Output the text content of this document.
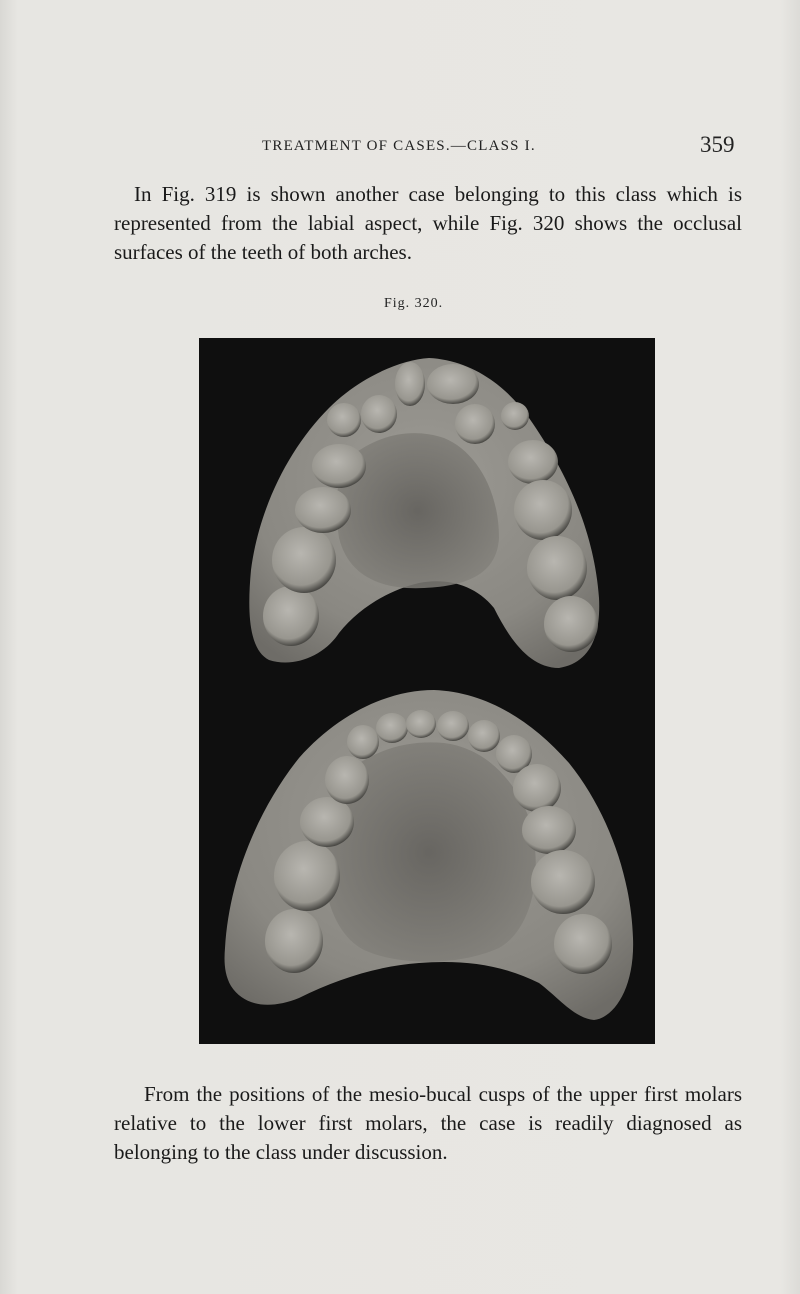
TREATMENT OF CASES.—CLASS I.	359

In Fig. 319 is shown another case belonging to this class which is represented from the labial aspect, while Fig. 320 shows the occlusal surfaces of the teeth of both arches.

Fig. 320.

From the positions of the mesio-bucal cusps of the upper first molars relative to the lower first molars, the case is readily diagnosed as belonging to the class under discussion.
